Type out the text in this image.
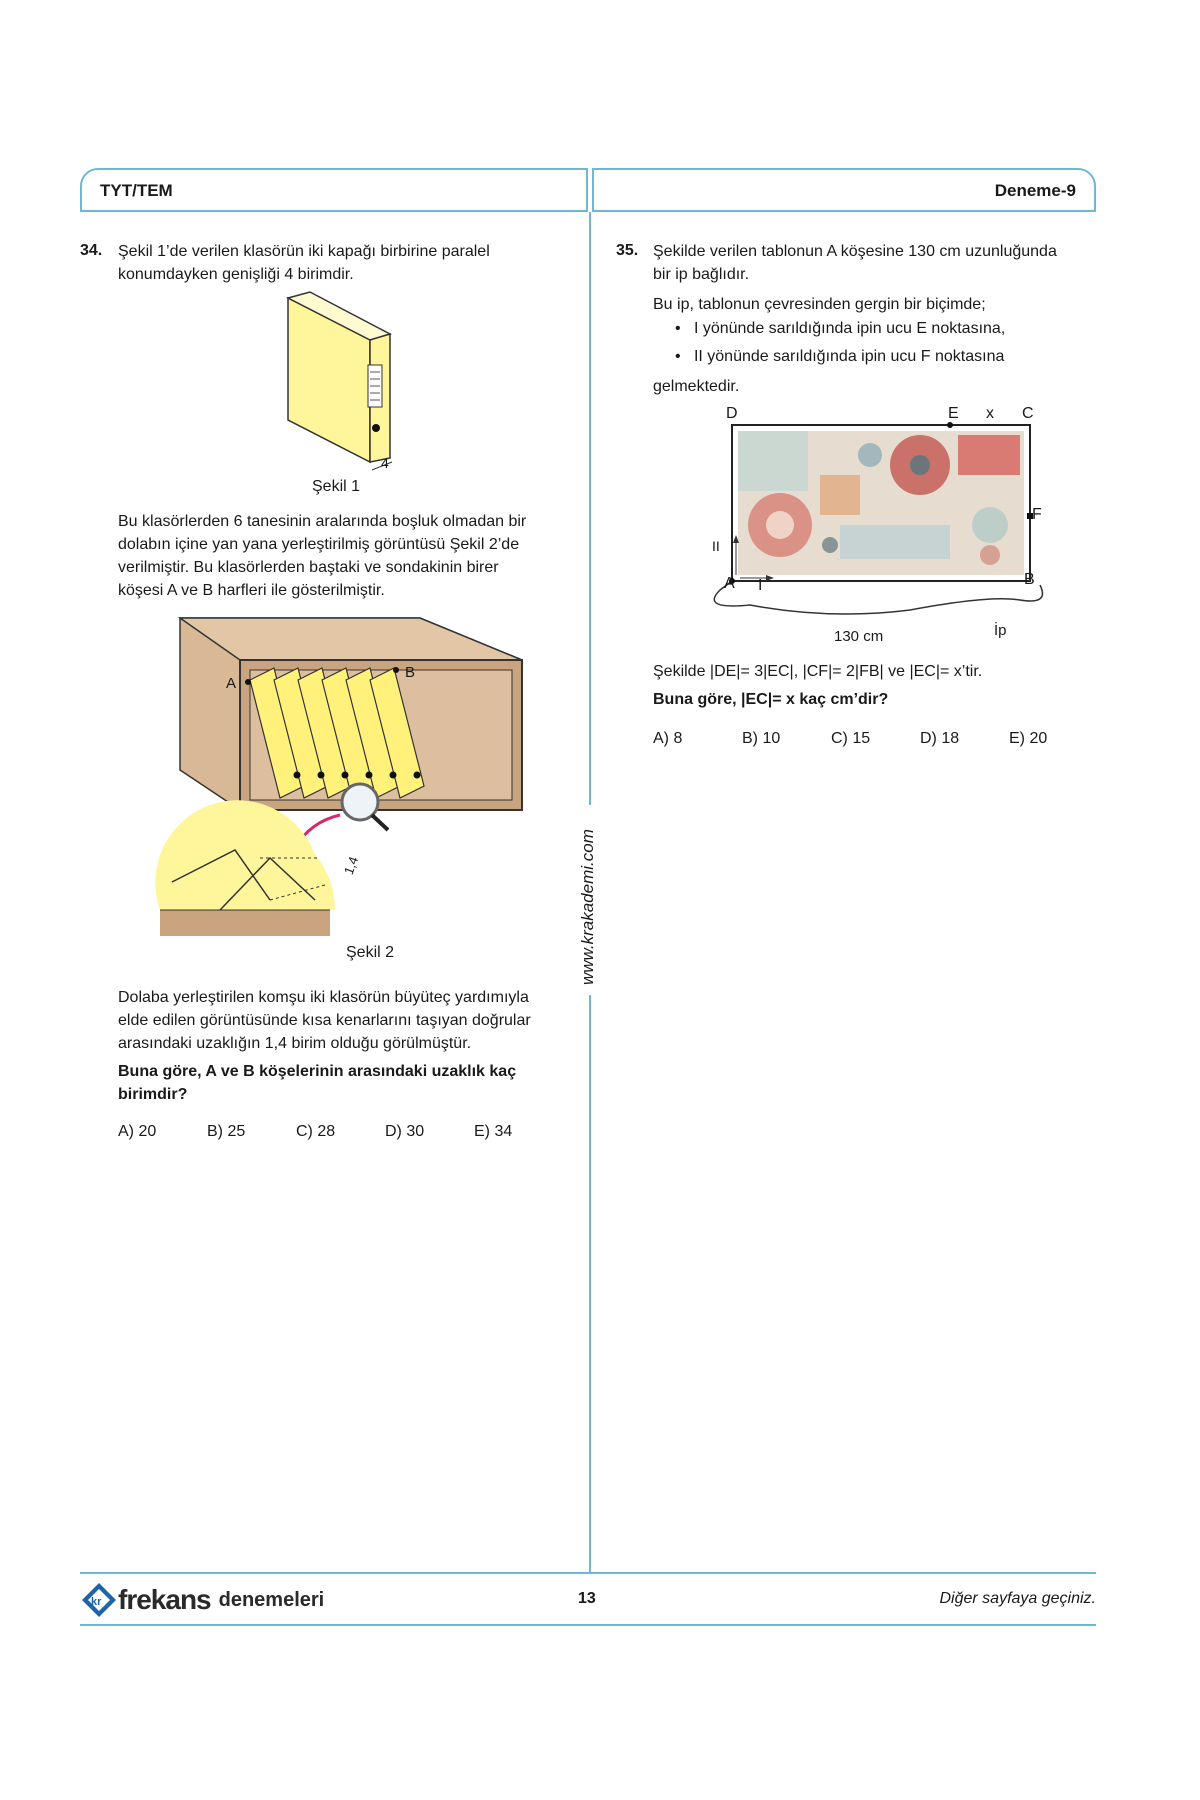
TYT/TEM	Deneme-9
www.krakademi.com
34. Şekil 1’de verilen klasörün iki kapağı birbirine paralel
konumdayken genişliği 4 birimdir.
4
Şekil 1
Bu klasörlerden 6 tanesinin aralarında boşluk olmadan bir
dolabın içine yan yana yerleştirilmiş görüntüsü Şekil 2’de
verilmiştir. Bu klasörlerden baştaki ve sondakinin birer
köşesi A ve B harfleri ile gösterilmiştir.
A
B
1,4
Şekil 2
Dolaba yerleştirilen komşu iki klasörün büyüteç yardımıyla
elde edilen görüntüsünde kısa kenarlarını taşıyan doğrular
arasındaki uzaklığın 1,4 birim olduğu görülmüştür.
Buna göre, A ve B köşelerinin arasındaki uzaklık kaç
birimdir?
A) 20	B) 25	C) 28	D) 30	E) 34
35. Şekilde verilen tablonun A köşesine 130 cm uzunluğunda
bir ip bağlıdır.
Bu ip, tablonun çevresinden gergin bir biçimde;
•   I yönünde sarıldığında ipin ucu E noktasına,
•   II yönünde sarıldığında ipin ucu F noktasına
gelmektedir.
D	E x C
F
B
A I
II
130 cm	İp
Şekilde |DE|= 3|EC|, |CF|= 2|FB| ve |EC|= x’tir.
Buna göre, |EC|= x kaç cm’dir?
A) 8	B) 10	C) 15	D) 18	E) 20
kr frekans denemeleri	13	Diğer sayfaya geçiniz.
